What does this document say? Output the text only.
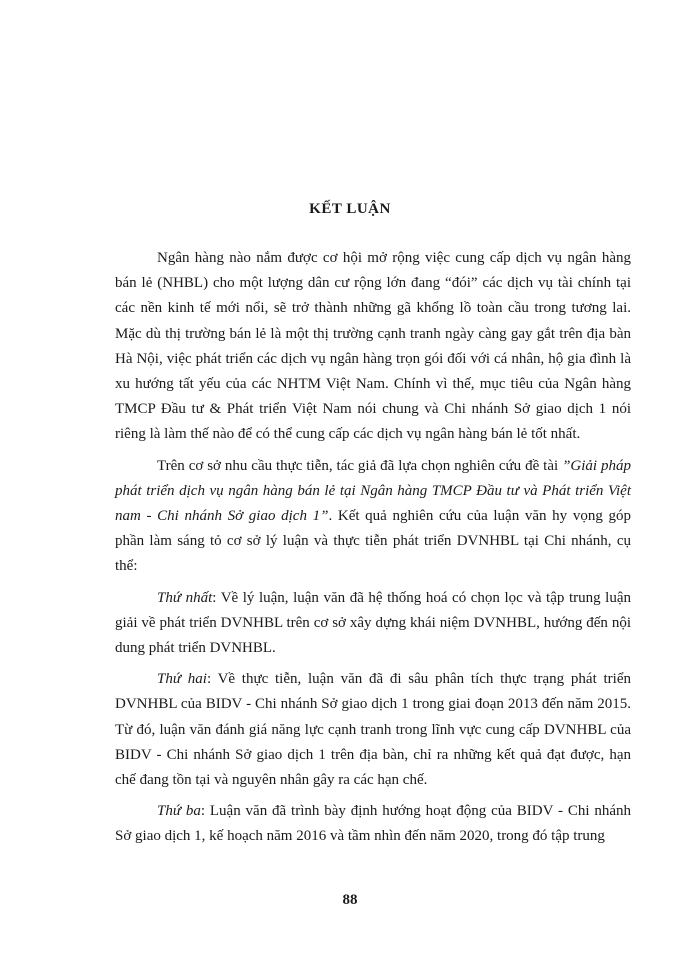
KẾT LUẬN

Ngân hàng nào nắm được cơ hội mở rộng việc cung cấp dịch vụ ngân hàng bán lẻ (NHBL) cho một lượng dân cư rộng lớn đang “đói” các dịch vụ tài chính tại các nền kinh tế mới nổi, sẽ trở thành những gã khổng lồ toàn cầu trong tương lai. Mặc dù thị trường bán lẻ là một thị trường cạnh tranh ngày càng gay gắt trên địa bàn Hà Nội, việc phát triển các dịch vụ ngân hàng trọn gói đối với cá nhân, hộ gia đình là xu hướng tất yếu của các NHTM Việt Nam. Chính vì thế, mục tiêu của Ngân hàng TMCP Đầu tư & Phát triển Việt Nam nói chung và Chi nhánh Sở giao dịch 1 nói riêng là làm thế nào để có thể cung cấp các dịch vụ ngân hàng bán lẻ tốt nhất.

Trên cơ sở nhu cầu thực tiễn, tác giả đã lựa chọn nghiên cứu đề tài ”Giải pháp phát triển dịch vụ ngân hàng bán lẻ tại Ngân hàng TMCP Đầu tư và Phát triển Việt nam - Chi nhánh Sở giao dịch 1”. Kết quả nghiên cứu của luận văn hy vọng góp phần làm sáng tỏ cơ sở lý luận và thực tiễn phát triển DVNHBL tại Chi nhánh, cụ thể:

Thứ nhất: Về lý luận, luận văn đã hệ thống hoá có chọn lọc và tập trung luận giải về phát triển DVNHBL trên cơ sở xây dựng khái niệm DVNHBL, hướng đến nội dung phát triển DVNHBL.

Thứ hai: Về thực tiễn, luận văn đã đi sâu phân tích thực trạng phát triển DVNHBL của BIDV - Chi nhánh Sở giao dịch 1 trong giai đoạn 2013 đến năm 2015. Từ đó, luận văn đánh giá năng lực cạnh tranh trong lĩnh vực cung cấp DVNHBL của BIDV - Chi nhánh Sở giao dịch 1 trên địa bàn, chỉ ra những kết quả đạt được, hạn chế đang tồn tại và nguyên nhân gây ra các hạn chế.

Thứ ba: Luận văn đã trình bày định hướng hoạt động của BIDV - Chi nhánh Sở giao dịch 1, kế hoạch năm 2016 và tầm nhìn đến năm 2020, trong đó tập trung

88
